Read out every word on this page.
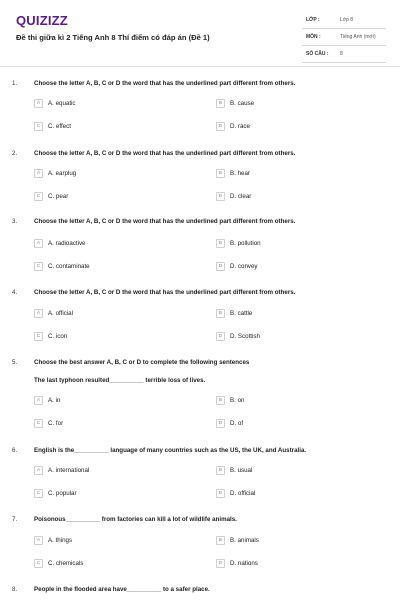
QUIZIZZ
Đề thi giữa kì 2 Tiếng Anh 8 Thí điểm có đáp án (Đề 1)
LỚP :	Lớp 8
MÔN :	Tiếng Anh (mới)
SỐ CÂU : 8
1.	Choose the letter A, B, C or D the word that has the underlined part different from others.
A	A. equatic	B	B. cause
C	C. effect	D	D. race
2.	Choose the letter A, B, C or D the word that has the underlined part different from others.
A	A. earplug	B	B. hear
C	C. pear	D	D. clear
3.	Choose the letter A, B, C or D the word that has the underlined part different from others.
A	A. radioactive	B	B. pollution
C	C. contaminate	D	D. convey
4.	Choose the letter A, B, C or D the word that has the underlined part different from others.
A	A. official	B	B. cattle
C	C. icon	D	D. Scottish
5.	Choose the best answer A, B, C or D to complete the following sentences
The last typhoon resulted__________ terrible loss of lives.
A	A. in	B	B. on
C	C. for	D	D. of
6.	English is the__________ language of many countries such as the US, the UK, and Australia.
A	A. international	B	B. usual
C	C. popular	D	D. official
7.	Poisonous__________ from factories can kill a lot of wildlife animals.
A	A. things	B	B. animals
C	C. chemicals	D	D. nations
8.	People in the flooded area have__________ to a safer place.
